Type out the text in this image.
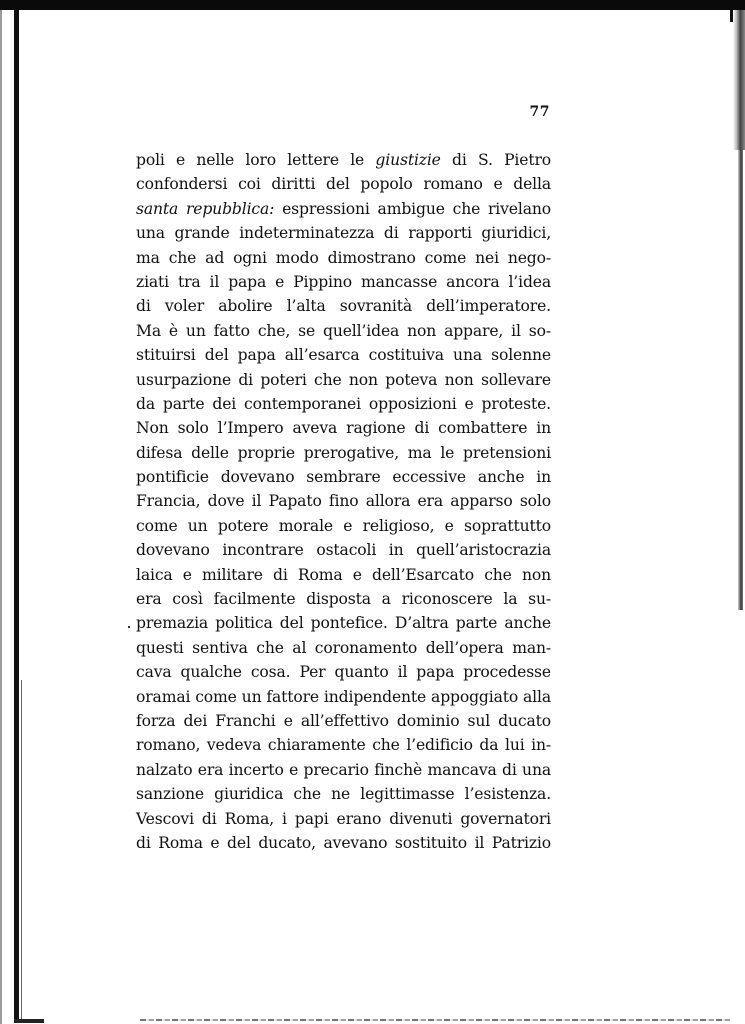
77
poli e nelle loro lettere le giustizie di S. Pietro
confondersi coi diritti del popolo romano e della
santa repubblica: espressioni ambigue che rivelano
una grande indeterminatezza di rapporti giuridici,
ma che ad ogni modo dimostrano come nei nego-
ziati tra il papa e Pippino mancasse ancora l’idea
di voler abolire l’alta sovranità dell’imperatore.
Ma è un fatto che, se quell’idea non appare, il so-
stituirsi del papa all’esarca costituiva una solenne
usurpazione di poteri che non poteva non sollevare
da parte dei contemporanei opposizioni e proteste.
Non solo l’Impero aveva ragione di combattere in
difesa delle proprie prerogative, ma le pretensioni
pontificie dovevano sembrare eccessive anche in
Francia, dove il Papato fino allora era apparso solo
come un potere morale e religioso, e soprattutto
dovevano incontrare ostacoli in quell’aristocrazia
laica e militare di Roma e dell’Esarcato che non
era così facilmente disposta a riconoscere la su-
premazia politica del pontefice. D’altra parte anche
questi sentiva che al coronamento dell’opera man-
cava qualche cosa. Per quanto il papa procedesse
oramai come un fattore indipendente appoggiato alla
forza dei Franchi e all’effettivo dominio sul ducato
romano, vedeva chiaramente che l’edificio da lui in-
nalzato era incerto e precario finchè mancava di una
sanzione giuridica che ne legittimasse l’esistenza.
Vescovi di Roma, i papi erano divenuti governatori
di Roma e del ducato, avevano sostituito il Patrizio
